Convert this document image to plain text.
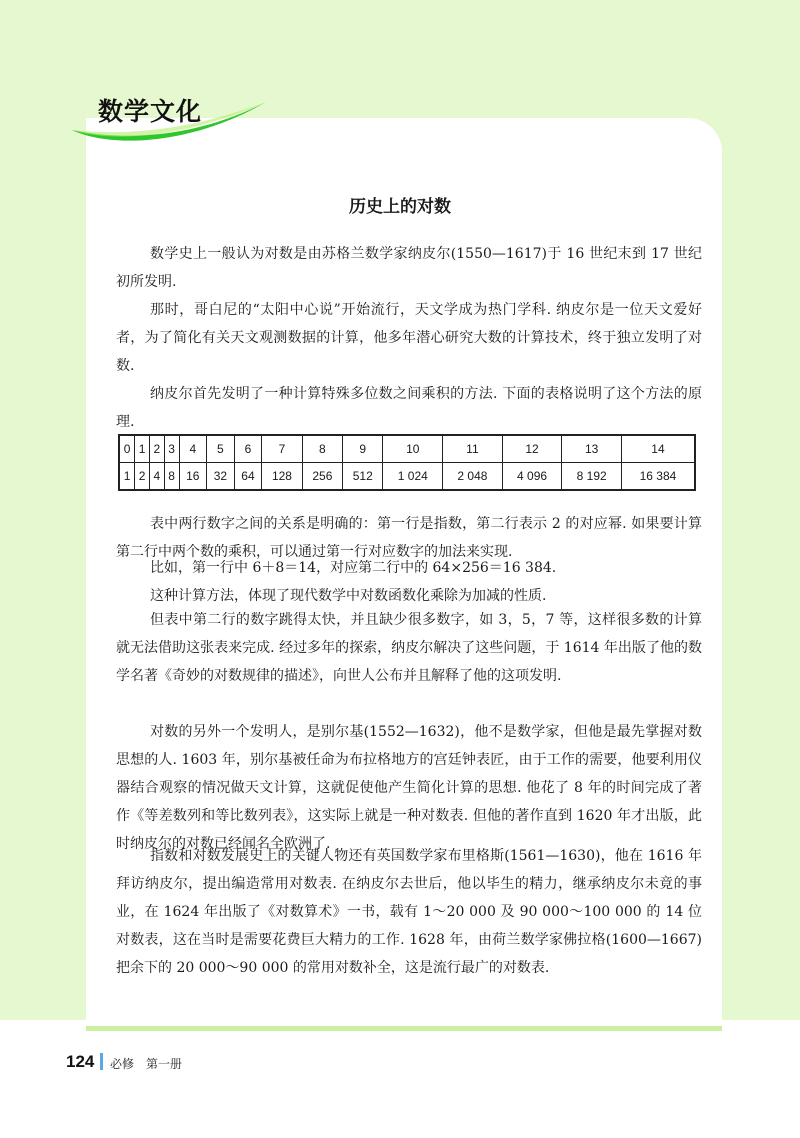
数学文化
历史上的对数

数学史上一般认为对数是由苏格兰数学家纳皮尔(1550—1617)于 16 世纪末到 17 世纪初所发明.

那时，哥白尼的“太阳中心说”开始流行，天文学成为热门学科. 纳皮尔是一位天文爱好者，为了简化有关天文观测数据的计算，他多年潜心研究大数的计算技术，终于独立发明了对数.

纳皮尔首先发明了一种计算特殊多位数之间乘积的方法. 下面的表格说明了这个方法的原理.

0	1	2	3	4	5	6	7	8	9	10	11	12	13	14
1	2	4	8	16	32	64	128	256	512	1 024	2 048	4 096	8 192	16 384

表中两行数字之间的关系是明确的：第一行是指数，第二行表示 2 的对应幂. 如果要计算第二行中两个数的乘积，可以通过第一行对应数字的加法来实现.

比如，第一行中 6＋8＝14，对应第二行中的 64×256＝16 384.

这种计算方法，体现了现代数学中对数函数化乘除为加减的性质.

但表中第二行的数字跳得太快，并且缺少很多数字，如 3，5，7 等，这样很多数的计算就无法借助这张表来完成. 经过多年的探索，纳皮尔解决了这些问题，于 1614 年出版了他的数学名著《奇妙的对数规律的描述》，向世人公布并且解释了他的这项发明.

对数的另外一个发明人，是别尔基(1552—1632)，他不是数学家，但他是最先掌握对数思想的人. 1603 年，别尔基被任命为布拉格地方的宫廷钟表匠，由于工作的需要，他要利用仪器结合观察的情况做天文计算，这就促使他产生简化计算的思想. 他花了 8 年的时间完成了著作《等差数列和等比数列表》，这实际上就是一种对数表. 但他的著作直到 1620 年才出版，此时纳皮尔的对数已经闻名全欧洲了.

指数和对数发展史上的关键人物还有英国数学家布里格斯(1561—1630)，他在 1616 年拜访纳皮尔，提出编造常用对数表. 在纳皮尔去世后，他以毕生的精力，继承纳皮尔未竟的事业，在 1624 年出版了《对数算术》一书，载有 1～20 000 及 90 000～100 000 的 14 位对数表，这在当时是需要花费巨大精力的工作. 1628 年，由荷兰数学家佛拉格(1600—1667)把余下的 20 000～90 000 的常用对数补全，这是流行最广的对数表.

124 必修　第一册
